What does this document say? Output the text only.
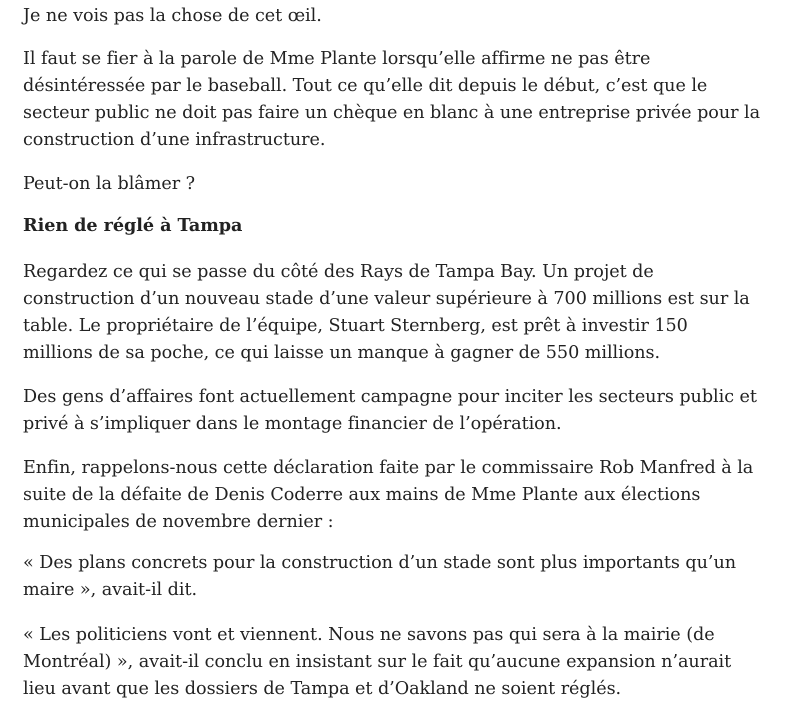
Je ne vois pas la chose de cet œil.

Il faut se fier à la parole de Mme Plante lorsqu’elle affirme ne pas être désintéressée par le baseball. Tout ce qu’elle dit depuis le début, c’est que le secteur public ne doit pas faire un chèque en blanc à une entreprise privée pour la construction d’une infrastructure.

Peut-on la blâmer ?

Rien de réglé à Tampa

Regardez ce qui se passe du côté des Rays de Tampa Bay. Un projet de construction d’un nouveau stade d’une valeur supérieure à 700 millions est sur la table. Le propriétaire de l’équipe, Stuart Sternberg, est prêt à investir 150 millions de sa poche, ce qui laisse un manque à gagner de 550 millions.

Des gens d’affaires font actuellement campagne pour inciter les secteurs public et privé à s’impliquer dans le montage financier de l’opération.

Enfin, rappelons-nous cette déclaration faite par le commissaire Rob Manfred à la suite de la défaite de Denis Coderre aux mains de Mme Plante aux élections municipales de novembre dernier :

« Des plans concrets pour la construction d’un stade sont plus importants qu’un maire », avait-il dit.

« Les politiciens vont et viennent. Nous ne savons pas qui sera à la mairie (de Montréal) », avait-il conclu en insistant sur le fait qu’aucune expansion n’aurait lieu avant que les dossiers de Tampa et d’Oakland ne soient réglés.
